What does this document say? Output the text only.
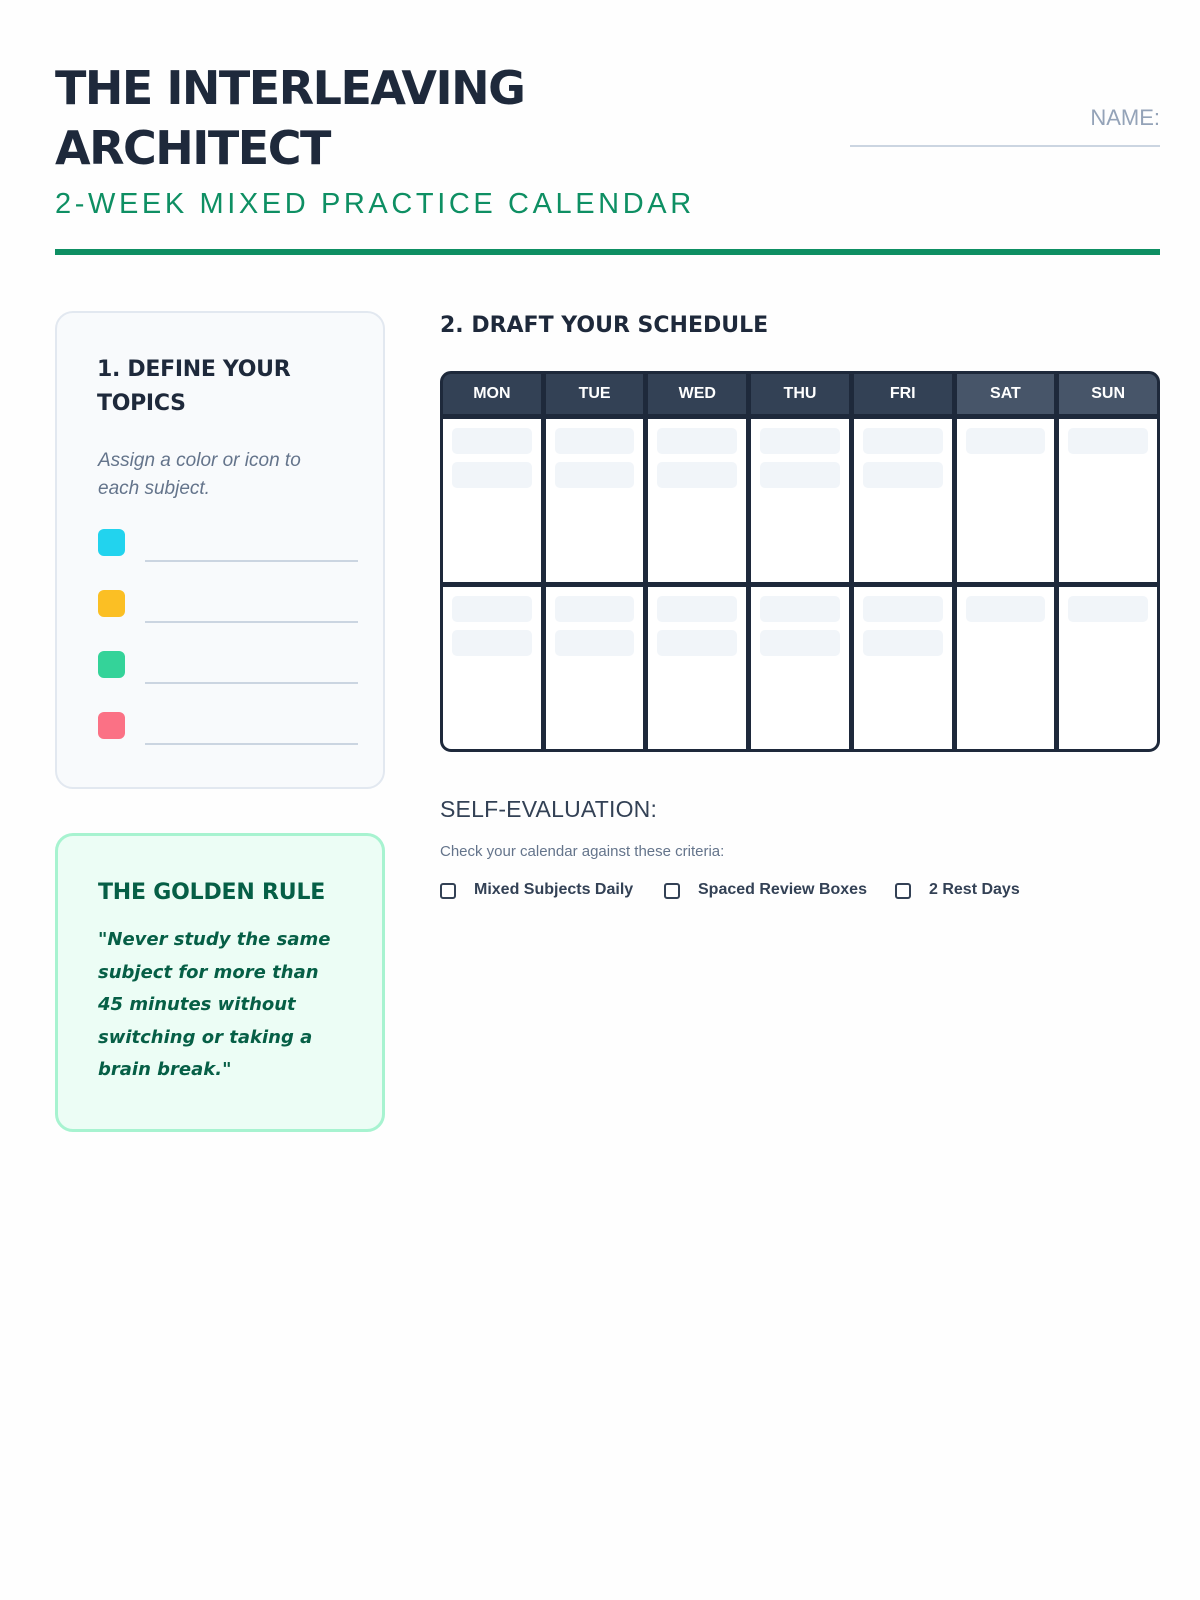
THE INTERLEAVING ARCHITECT
2-WEEK MIXED PRACTICE CALENDAR
NAME:
1. DEFINE YOUR TOPICS
Assign a color or icon to each subject.
THE GOLDEN RULE
"Never study the same subject for more than 45 minutes without switching or taking a brain break."
2. DRAFT YOUR SCHEDULE
MON	TUE	WED	THU	FRI	SAT	SUN
SELF-EVALUATION:
Check your calendar against these criteria:
Mixed Subjects Daily	Spaced Review Boxes	2 Rest Days
